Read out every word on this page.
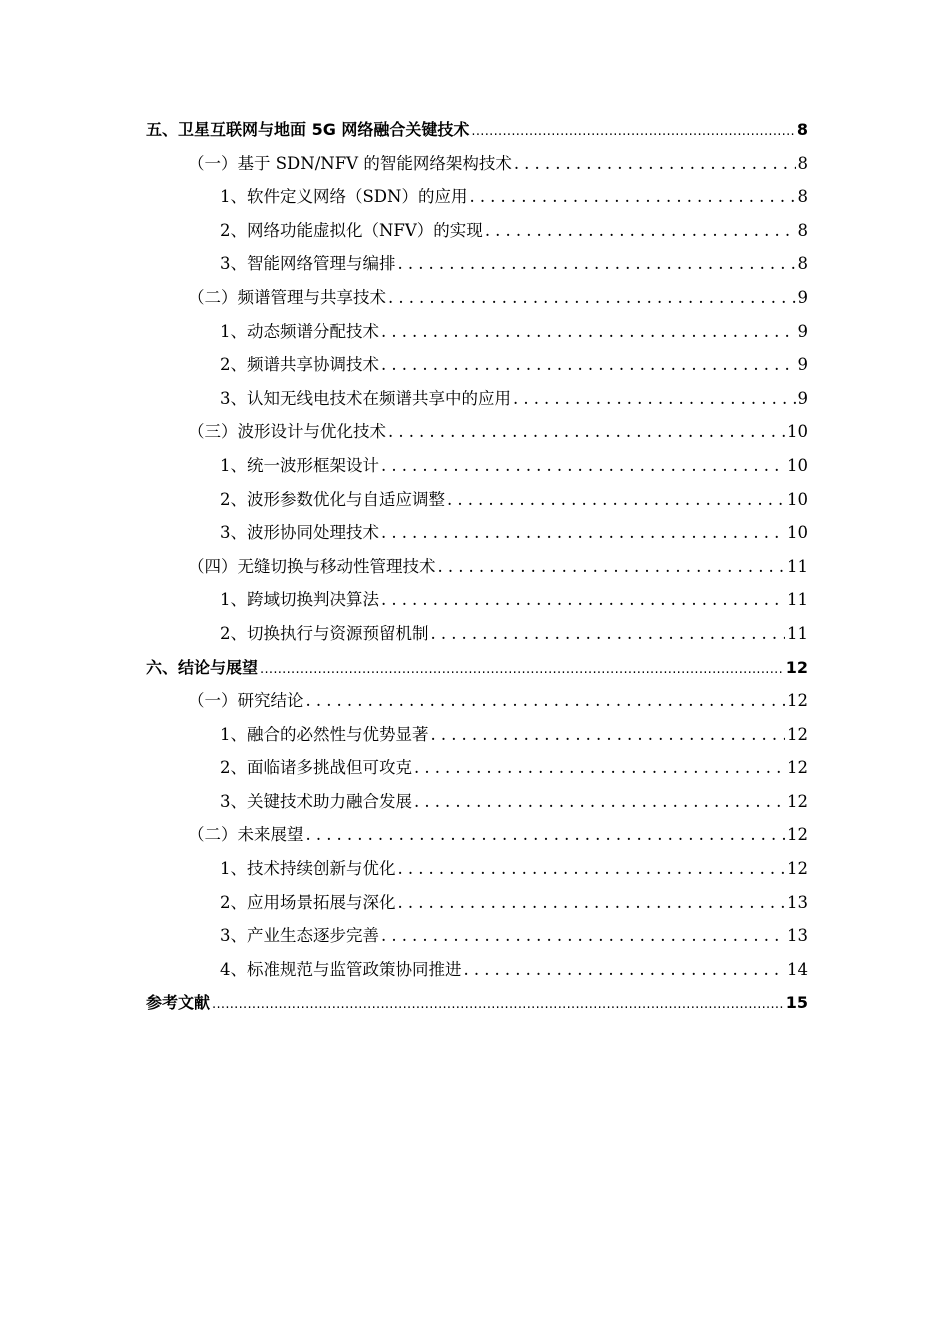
五、卫星互联网与地面 5G 网络融合关键技术 .....	8
（一）基于 SDN/NFV 的智能网络架构技术 .....	8
1、软件定义网络（SDN）的应用 .....	8
2、网络功能虚拟化（NFV）的实现 .....	8
3、智能网络管理与编排 .....	8
（二）频谱管理与共享技术 .....	9
1、动态频谱分配技术 .....	9
2、频谱共享协调技术 .....	9
3、认知无线电技术在频谱共享中的应用 .....	9
（三）波形设计与优化技术 .....	10
1、统一波形框架设计 .....	10
2、波形参数优化与自适应调整 .....	10
3、波形协同处理技术 .....	10
（四）无缝切换与移动性管理技术 .....	11
1、跨域切换判决算法 .....	11
2、切换执行与资源预留机制 .....	11
六、结论与展望 .....	12
（一）研究结论 .....	12
1、融合的必然性与优势显著 .....	12
2、面临诸多挑战但可攻克 .....	12
3、关键技术助力融合发展 .....	12
（二）未来展望 .....	12
1、技术持续创新与优化 .....	12
2、应用场景拓展与深化 .....	13
3、产业生态逐步完善 .....	13
4、标准规范与监管政策协同推进 .....	14
参考文献 .....	15
